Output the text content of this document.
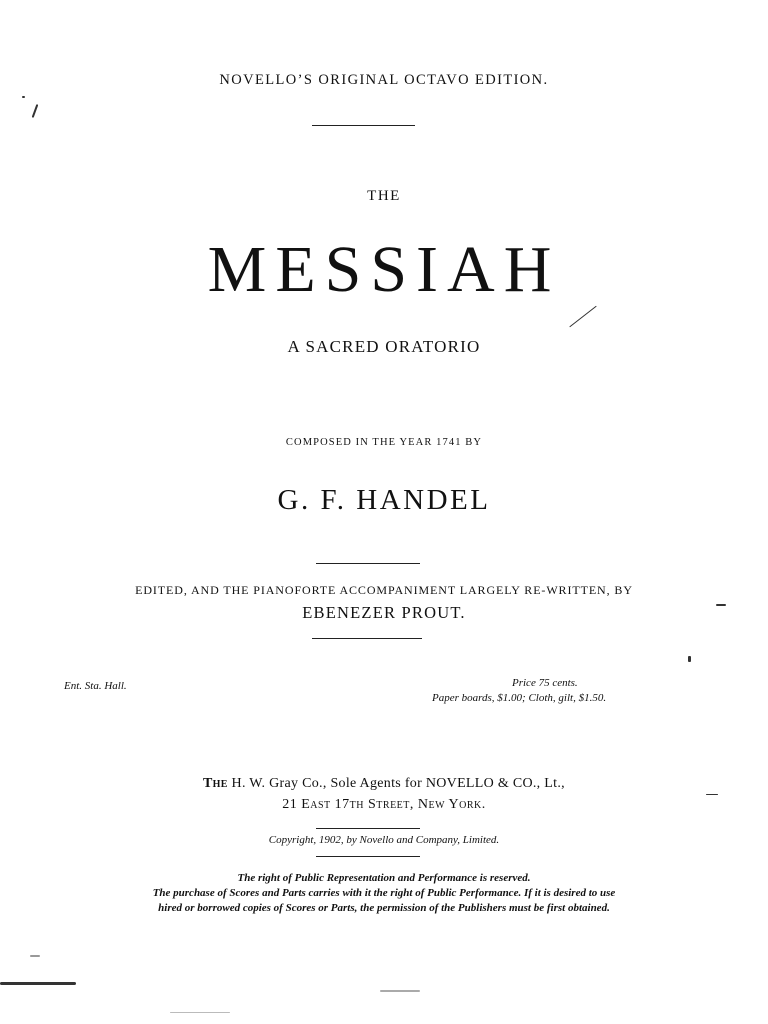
NOVELLO’S ORIGINAL OCTAVO EDITION.
THE
MESSIAH
A SACRED ORATORIO
COMPOSED IN THE YEAR 1741 BY
G. F. HANDEL
EDITED, AND THE PIANOFORTE ACCOMPANIMENT LARGELY RE-WRITTEN, BY
EBENEZER PROUT.
Ent. Sta. Hall.	Price 75 cents.
Paper boards, $1.00; Cloth, gilt, $1.50.
The H. W. Gray Co., Sole Agents for NOVELLO & CO., Lt.,
21 East 17th Street, New York.
Copyright, 1902, by Novello and Company, Limited.
The right of Public Representation and Performance is reserved.
The purchase of Scores and Parts carries with it the right of Public Performance. If it is desired to use
hired or borrowed copies of Scores or Parts, the permission of the Publishers must be first obtained.
